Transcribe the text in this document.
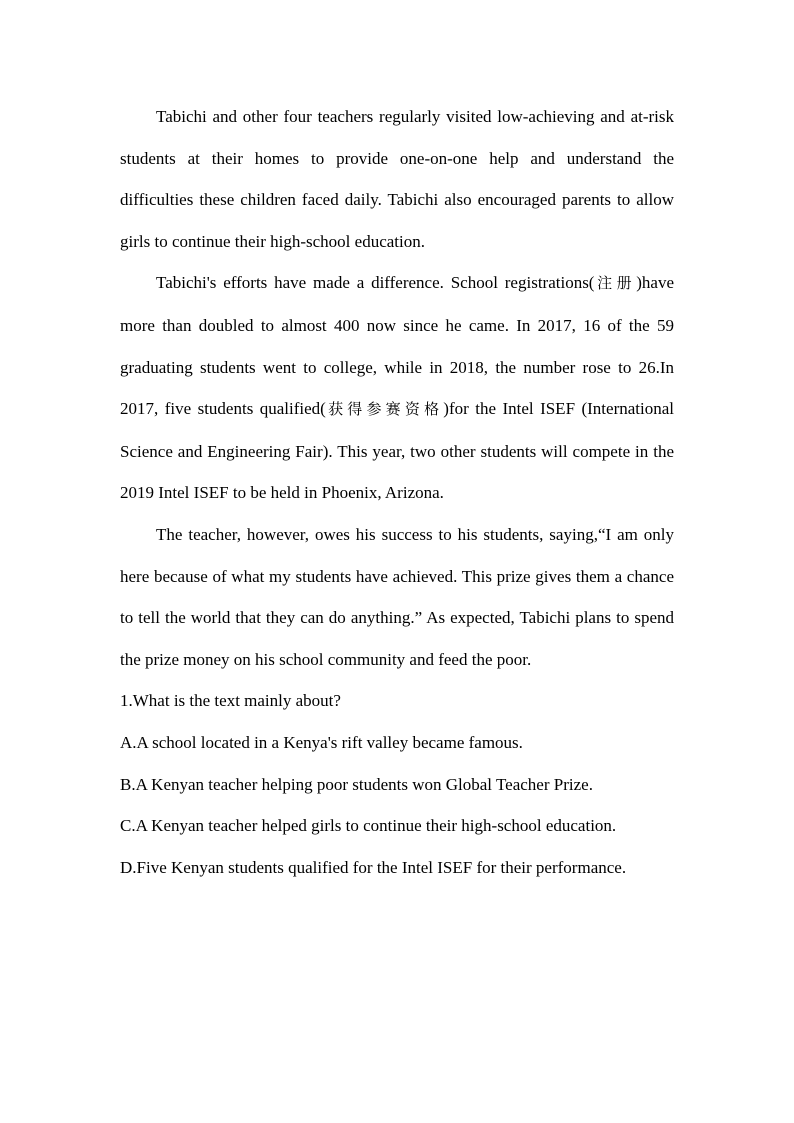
Tabichi and other four teachers regularly visited low-achieving and at-risk students at their homes to provide one-on-one help and understand the difficulties these children faced daily. Tabichi also encouraged parents to allow girls to continue their high-school education.

Tabichi's efforts have made a difference. School registrations(注册)have more than doubled to almost 400 now since he came. In 2017, 16 of the 59 graduating students went to college, while in 2018, the number rose to 26.In 2017, five students qualified(获得参赛资格)for the Intel ISEF (International Science and Engineering Fair). This year, two other students will compete in the 2019 Intel ISEF to be held in Phoenix, Arizona.

The teacher, however, owes his success to his students, saying,“I am only here because of what my students have achieved. This prize gives them a chance to tell the world that they can do anything.” As expected, Tabichi plans to spend the prize money on his school community and feed the poor.

1.What is the text mainly about?

A.A school located in a Kenya's rift valley became famous.

B.A Kenyan teacher helping poor students won Global Teacher Prize.

C.A Kenyan teacher helped girls to continue their high-school education.

D.Five Kenyan students qualified for the Intel ISEF for their performance.
